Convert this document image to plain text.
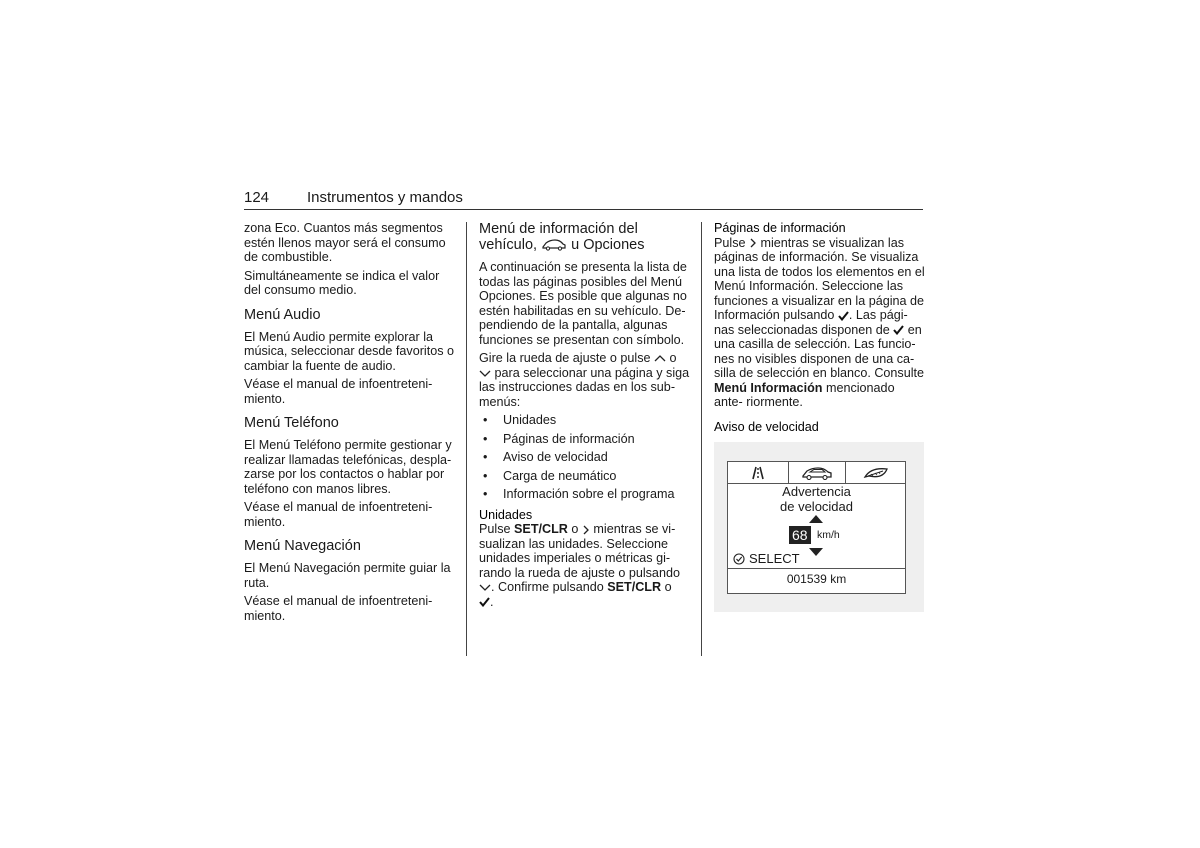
124	Instrumentos y mandos

zona Eco. Cuantos más segmentos estén llenos mayor será el consumo de combustible.

Simultáneamente se indica el valor del consumo medio.

Menú Audio

El Menú Audio permite explorar la música, seleccionar desde favoritos o cambiar la fuente de audio.

Véase el manual de infoentreteni- miento.

Menú Teléfono

El Menú Teléfono permite gestionar y realizar llamadas telefónicas, despla- zarse por los contactos o hablar por teléfono con manos libres.

Véase el manual de infoentreteni- miento.

Menú Navegación

El Menú Navegación permite guiar la ruta.

Véase el manual de infoentreteni- miento.

Menú de información del
vehículo, u Opciones

A continuación se presenta la lista de todas las páginas posibles del Menú Opciones. Es posible que algunas no estén habilitadas en su vehículo. De- pendiendo de la pantalla, algunas funciones se presentan con símbolo.

Gire la rueda de ajuste o pulse o  para seleccionar una página y siga las instrucciones dadas en los sub- menús:

• Unidades
• Páginas de información
• Aviso de velocidad
• Carga de neumático
• Información sobre el programa
Unidades

Pulse SET/CLR o mientras se vi- sualizan las unidades. Seleccione unidades imperiales o métricas gi- rando la rueda de ajuste o pulsando . Confirme pulsando SET/CLR o
.

Páginas de información

Pulse mientras se visualizan las páginas de información. Se visualiza una lista de todos los elementos en el Menú Información. Seleccione las funciones a visualizar en la página de Información pulsando . Las pági- nas seleccionadas disponen de en una casilla de selección. Las funcio- nes no visibles disponen de una ca- silla de selección en blanco. Consulte Menú Información mencionado ante- riormente.

Aviso de velocidad
Advertencia
de velocidad
68 km/h
SELECT
001539 km
